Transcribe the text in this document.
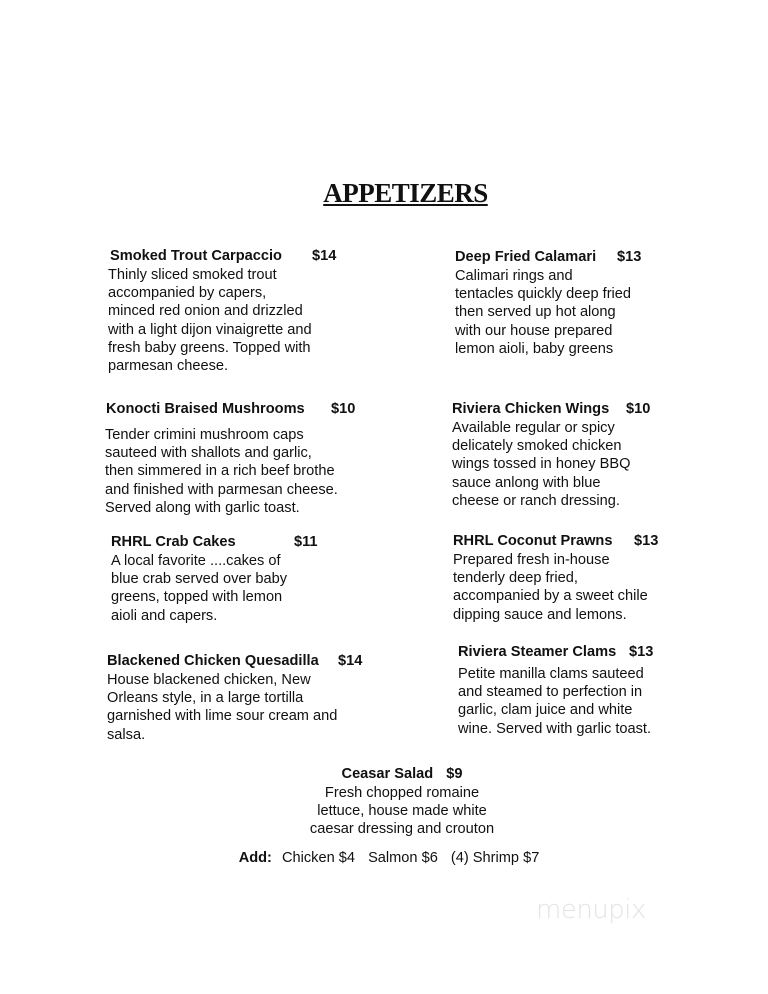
APPETIZERS
Smoked Trout Carpaccio	$14

Thinly sliced smoked trout
accompanied by capers,
minced red onion and drizzled
with a light dijon vinaigrette and
fresh baby greens. Topped with
parmesan cheese.

Deep Fried Calamari	$13

Calimari rings and
tentacles quickly deep fried
then served up hot along
with our house prepared
lemon aioli, baby greens

Konocti Braised Mushrooms	$10

Tender crimini mushroom caps
sauteed with shallots and garlic,
then simmered in a rich beef brothe
and finished with parmesan cheese.
Served along with garlic toast.

Riviera Chicken Wings	$10

Available regular or spicy
delicately smoked chicken
wings tossed in honey BBQ
sauce anlong with blue
cheese or ranch dressing.

RHRL Crab Cakes	$11

A local favorite ....cakes of
blue crab served over baby
greens, topped with lemon
aioli and capers.

RHRL Coconut Prawns	$13

Prepared fresh in-house
tenderly deep fried,
accompanied by a sweet chile
dipping sauce and lemons.

Blackened Chicken Quesadilla	$14

House blackened chicken, New
Orleans style, in a large tortilla
garnished with lime sour cream and
salsa.

Riviera Steamer Clams $13

Petite manilla clams sauteed
and steamed to perfection in
garlic, clam juice and white
wine. Served with garlic toast.

Ceasar Salad $9

Fresh chopped romaine
lettuce, house made white
caesar dressing and crouton

Add: Chicken $4 Salmon $6 (4) Shrimp $7
menupix
